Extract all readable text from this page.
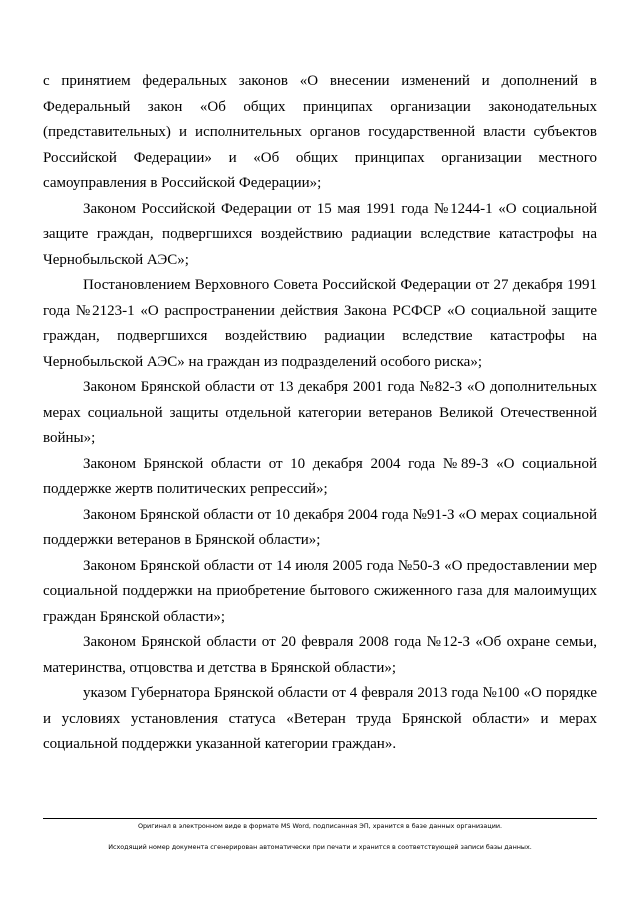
с принятием федеральных законов «О внесении изменений и дополнений в Федеральный закон «Об общих принципах организации законодательных (представительных) и исполнительных органов государственной власти субъектов Российской Федерации» и «Об общих принципах организации местного самоуправления в Российской Федерации»;

Законом Российской Федерации от 15 мая 1991 года №1244-1 «О социальной защите граждан, подвергшихся воздействию радиации вследствие катастрофы на Чернобыльской АЭС»;

Постановлением Верховного Совета Российской Федерации от 27 декабря 1991 года №2123-1 «О распространении действия Закона РСФСР «О социальной защите граждан, подвергшихся воздействию радиации вследствие катастрофы на Чернобыльской АЭС» на граждан из подразделений особого риска»;

Законом Брянской области от 13 декабря 2001 года №82-З «О дополнительных мерах социальной защиты отдельной категории ветеранов Великой Отечественной войны»;

Законом Брянской области от 10 декабря 2004 года №89-З «О социальной поддержке жертв политических репрессий»;

Законом Брянской области от 10 декабря 2004 года №91-З «О мерах социальной поддержки ветеранов в Брянской области»;

Законом Брянской области от 14 июля 2005 года №50-З «О предоставлении мер социальной поддержки на приобретение бытового сжиженного газа для малоимущих граждан Брянской области»;

Законом Брянской области от 20 февраля 2008 года №12-З «Об охране семьи, материнства, отцовства и детства в Брянской области»;

указом Губернатора Брянской области от 4 февраля 2013 года №100 «О порядке и условиях установления статуса «Ветеран труда Брянской области» и мерах социальной поддержки указанной категории граждан».

Оригинал в электронном виде в формате MS Word, подписанная ЭП, хранится в базе данных организации.
Исходящий номер документа сгенерирован автоматически при печати и хранится в соответствующей записи базы данных.
